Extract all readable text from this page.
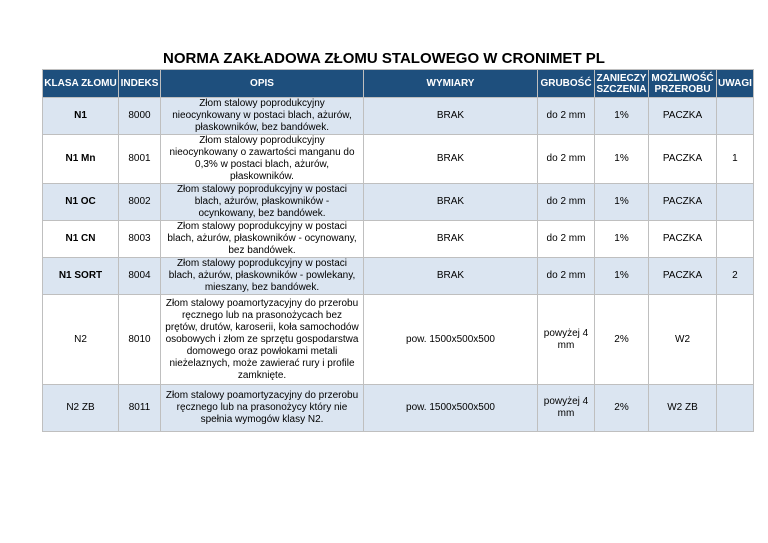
NORMA ZAKŁADOWA ZŁOMU STALOWEGO W CRONIMET PL
KLASA ZŁOMU	INDEKS	OPIS	WYMIARY	GRUBOŚĆ	ZANIECZY SZCZENIA	MOŻLIWOŚĆ PRZEROBU	UWAGI
N1	8000	Złom stalowy poprodukcyjny nieocynkowany w postaci blach, ażurów, płaskowników, bez bandówek.	BRAK	do 2 mm	1%	PACZKA	
N1 Mn	8001	Złom stalowy poprodukcyjny nieocynkowany o zawartości manganu do 0,3% w postaci blach, ażurów, płaskowników.	BRAK	do 2 mm	1%	PACZKA	1
N1 OC	8002	Złom stalowy poprodukcyjny w postaci blach, ażurów, płaskowników - ocynkowany, bez bandówek.	BRAK	do 2 mm	1%	PACZKA	
N1 CN	8003	Złom stalowy poprodukcyjny w postaci blach, ażurów, płaskowników - ocynowany, bez bandówek.	BRAK	do 2 mm	1%	PACZKA	
N1 SORT	8004	Złom stalowy poprodukcyjny w postaci blach, ażurów, płaskowników - powlekany, mieszany, bez bandówek.	BRAK	do 2 mm	1%	PACZKA	2
N2	8010	Złom stalowy poamortyzacyjny do przerobu ręcznego lub na prasonożycach bez prętów, drutów, karoserii, koła samochodów osobowych i złom ze sprzętu gospodarstwa domowego oraz powłokami metali nieżelaznych, może zawierać rury i profile zamknięte.	pow. 1500x500x500	powyżej 4 mm	2%	W2	
N2 ZB	8011	Złom stalowy poamortyzacyjny do przerobu ręcznego lub na prasonożycy który nie spełnia wymogów klasy N2.	pow. 1500x500x500	powyżej 4 mm	2%	W2 ZB	
